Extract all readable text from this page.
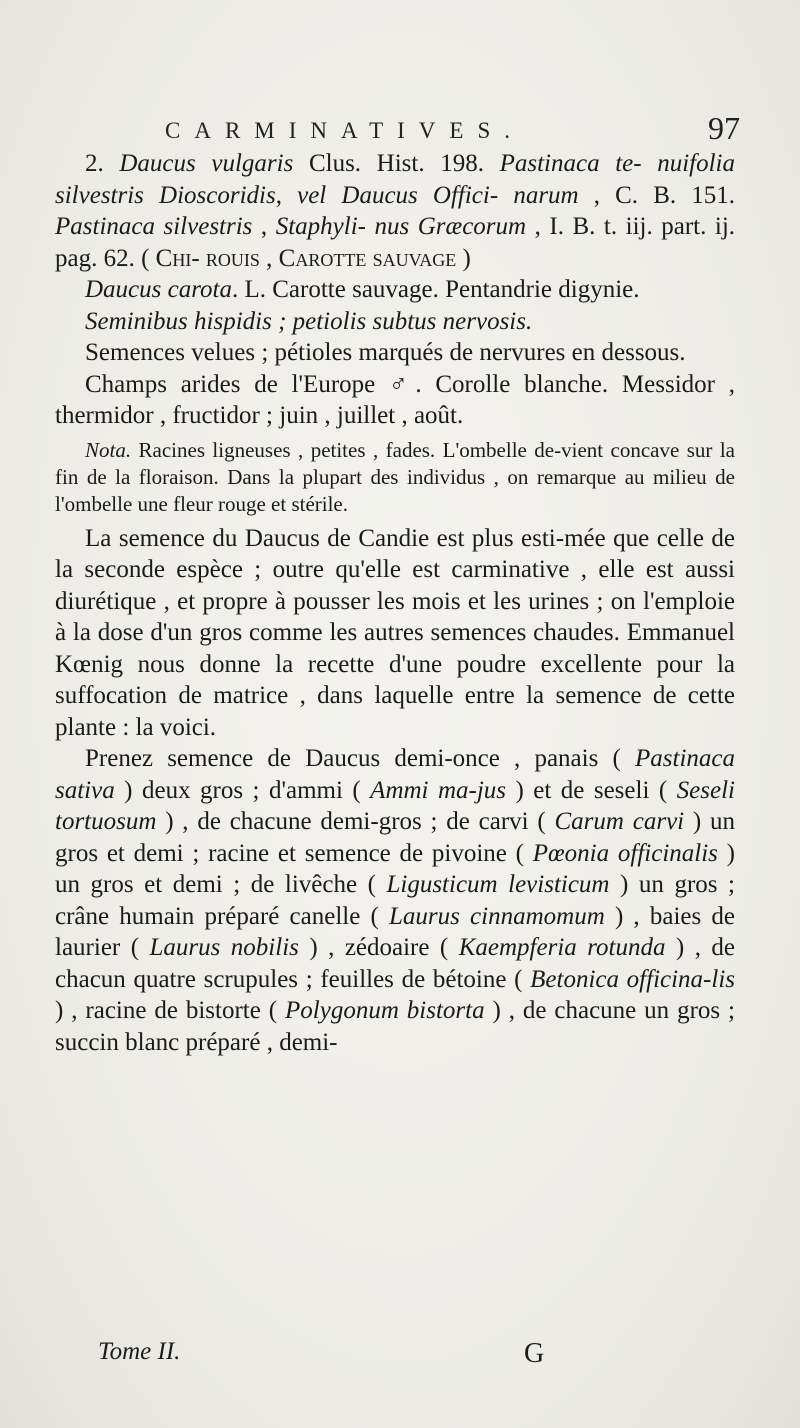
CARMINATIVES.	97

2. Daucus vulgaris Clus. Hist. 198. Pastinaca te- nuifolia silvestris Dioscoridis, vel Daucus Offici- narum , C. B. 151. Pastinaca silvestris , Staphyli- nus Græcorum , I. B. t. iij. part. ij. pag. 62. ( Chi- rouis , Carotte sauvage )

Daucus carota. L. Carotte sauvage. Pentandrie digynie.

Seminibus hispidis ; petiolis subtus nervosis.

Semences velues ; pétioles marqués de nervures en dessous.

Champs arides de l'Europe ♂. Corolle blanche. Messidor , thermidor , fructidor ; juin , juillet , août.

Nota. Racines ligneuses , petites , fades. L'ombelle de-vient concave sur la fin de la floraison. Dans la plupart des individus , on remarque au milieu de l'ombelle une fleur rouge et stérile.

La semence du Daucus de Candie est plus esti-mée que celle de la seconde espèce ; outre qu'elle est carminative , elle est aussi diurétique , et propre à pousser les mois et les urines ; on l'emploie à la dose d'un gros comme les autres semences chaudes. Emmanuel Kœnig nous donne la recette d'une poudre excellente pour la suffocation de matrice , dans laquelle entre la semence de cette plante : la voici.

Prenez semence de Daucus demi-once , panais ( Pastinaca sativa ) deux gros ; d'ammi ( Ammi ma-jus ) et de seseli ( Seseli tortuosum ) , de chacune demi-gros ; de carvi ( Carum carvi ) un gros et demi ; racine et semence de pivoine ( Pœonia officinalis ) un gros et demi ; de livêche ( Ligusticum levisticum ) un gros ; crâne humain préparé canelle ( Laurus cinnamomum ) , baies de laurier ( Laurus nobilis ) , zédoaire ( Kaempferia rotunda ) , de chacun quatre scrupules ; feuilles de bétoine ( Betonica officina-lis ) , racine de bistorte ( Polygonum bistorta ) , de chacune un gros ; succin blanc préparé , demi-

Tome II.	G
